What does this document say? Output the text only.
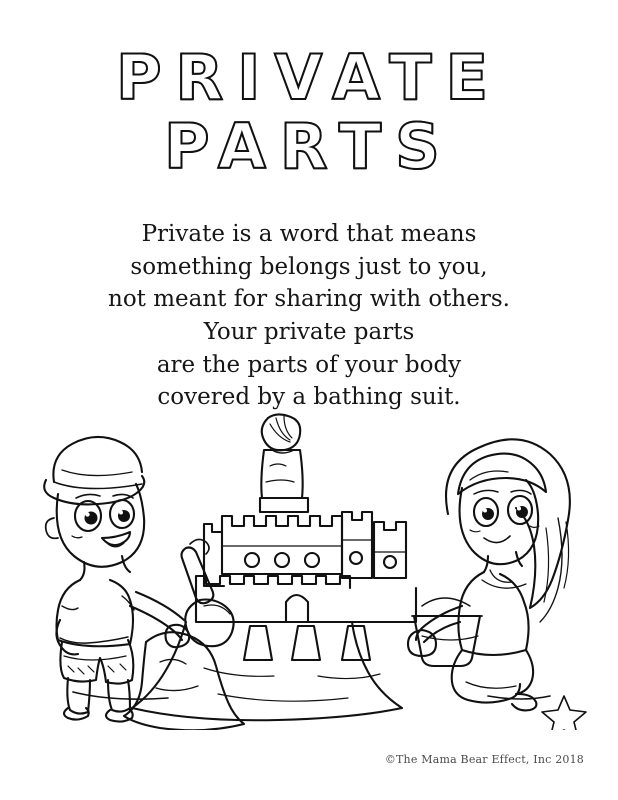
PRIVATE
PARTS
Private is a word that means
something belongs just to you,
not meant for sharing with others.
Your private parts
are the parts of your body
covered by a bathing suit.
©The Mama Bear Effect, Inc 2018
